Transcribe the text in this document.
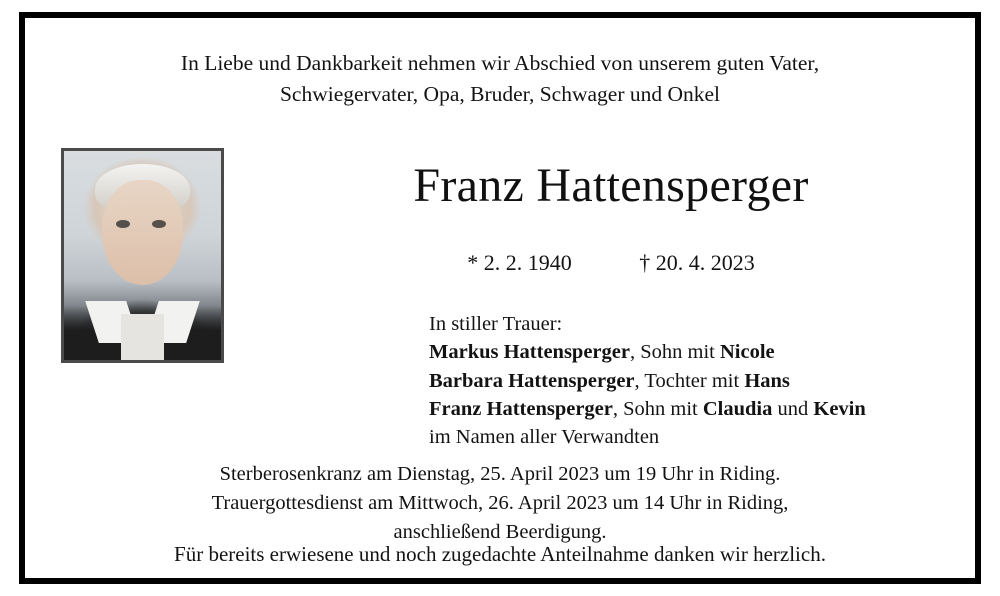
In Liebe und Dankbarkeit nehmen wir Abschied von unserem guten Vater,
Schwiegervater, Opa, Bruder, Schwager und Onkel
Franz Hattensperger
* 2. 2. 1940	† 20. 4. 2023
In stiller Trauer:
Markus Hattensperger, Sohn mit Nicole
Barbara Hattensperger, Tochter mit Hans
Franz Hattensperger, Sohn mit Claudia und Kevin
im Namen aller Verwandten
Sterberosenkranz am Dienstag, 25. April 2023 um 19 Uhr in Riding.
Trauergottesdienst am Mittwoch, 26. April 2023 um 14 Uhr in Riding,
anschließend Beerdigung.
Für bereits erwiesene und noch zugedachte Anteilnahme danken wir herzlich.
